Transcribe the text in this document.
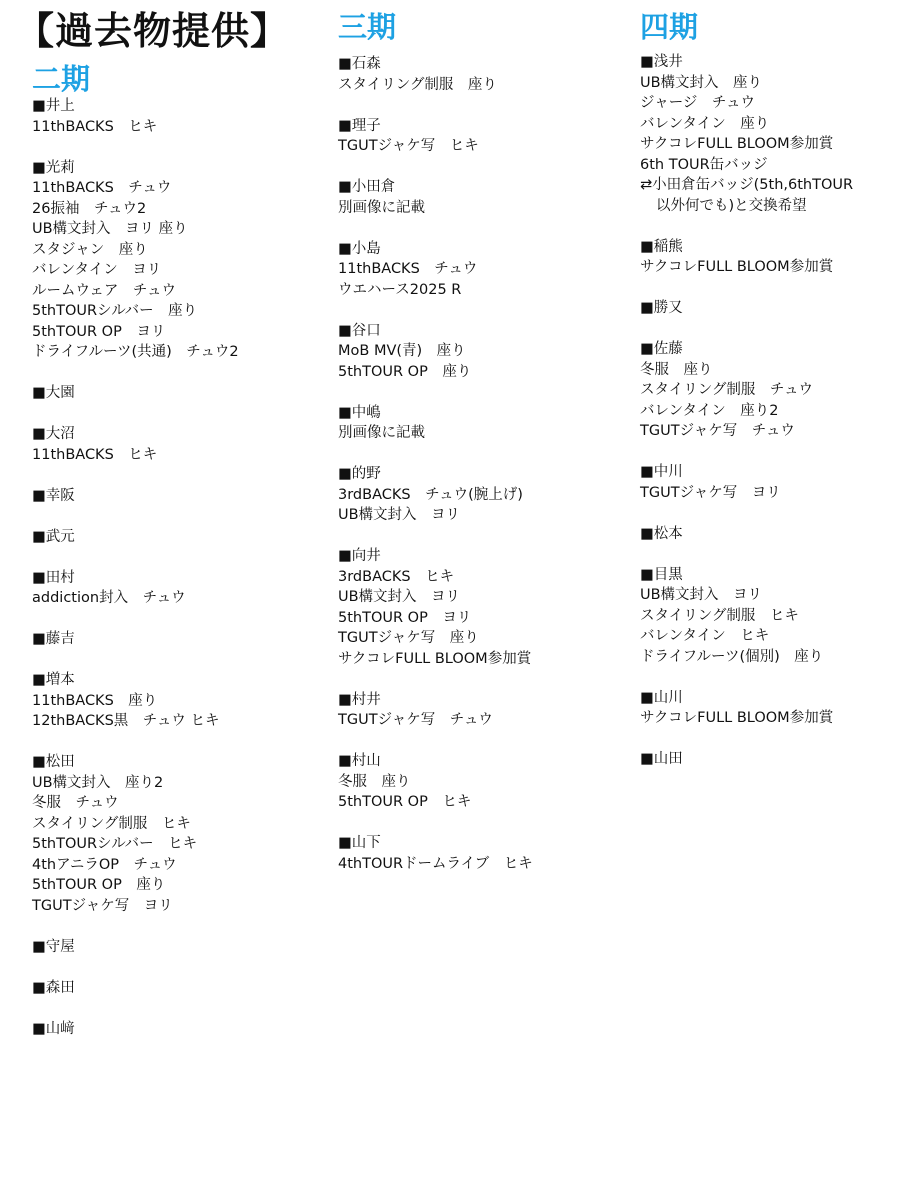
【過去物提供】
二期
■井上
11thBACKS　ヒキ
■光莉
11thBACKS　チュウ
26振袖　チュウ2
UB構文封入　ヨリ 座り
スタジャン　座り
バレンタイン　ヨリ
ルームウェア　チュウ
5thTOURシルバー　座り
5thTOUR OP　ヨリ
ドライフルーツ(共通)　チュウ2
■大園
■大沼
11thBACKS　ヒキ
■幸阪
■武元
■田村
addiction封入　チュウ
■藤吉
■増本
11thBACKS　座り
12thBACKS黒　チュウ ヒキ
■松田
UB構文封入　座り2
冬服　チュウ
スタイリング制服　ヒキ
5thTOURシルバー　ヒキ
4thアニラOP　チュウ
5thTOUR OP　座り
TGUTジャケ写　ヨリ
■守屋
■森田
■山﨑
三期
■石森
スタイリング制服　座り
■理子
TGUTジャケ写　ヒキ
■小田倉
別画像に記載
■小島
11thBACKS　チュウ
ウエハース2025 R
■谷口
MoB MV(青)　座り
5thTOUR OP　座り
■中嶋
別画像に記載
■的野
3rdBACKS　チュウ(腕上げ)
UB構文封入　ヨリ
■向井
3rdBACKS　ヒキ
UB構文封入　ヨリ
5thTOUR OP　ヨリ
TGUTジャケ写　座り
サクコレFULL BLOOM参加賞
■村井
TGUTジャケ写　チュウ
■村山
冬服　座り
5thTOUR OP　ヒキ
■山下
4thTOURドームライブ　ヒキ
四期
■浅井
UB構文封入　座り
ジャージ　チュウ
バレンタイン　座り
サクコレFULL BLOOM参加賞
6th TOUR缶バッジ
⇄小田倉缶バッジ(5th,6thTOUR
以外何でも)と交換希望
■稲熊
サクコレFULL BLOOM参加賞
■勝又
■佐藤
冬服　座り
スタイリング制服　チュウ
バレンタイン　座り2
TGUTジャケ写　チュウ
■中川
TGUTジャケ写　ヨリ
■松本
■目黒
UB構文封入　ヨリ
スタイリング制服　ヒキ
バレンタイン　ヒキ
ドライフルーツ(個別)　座り
■山川
サクコレFULL BLOOM参加賞
■山田
